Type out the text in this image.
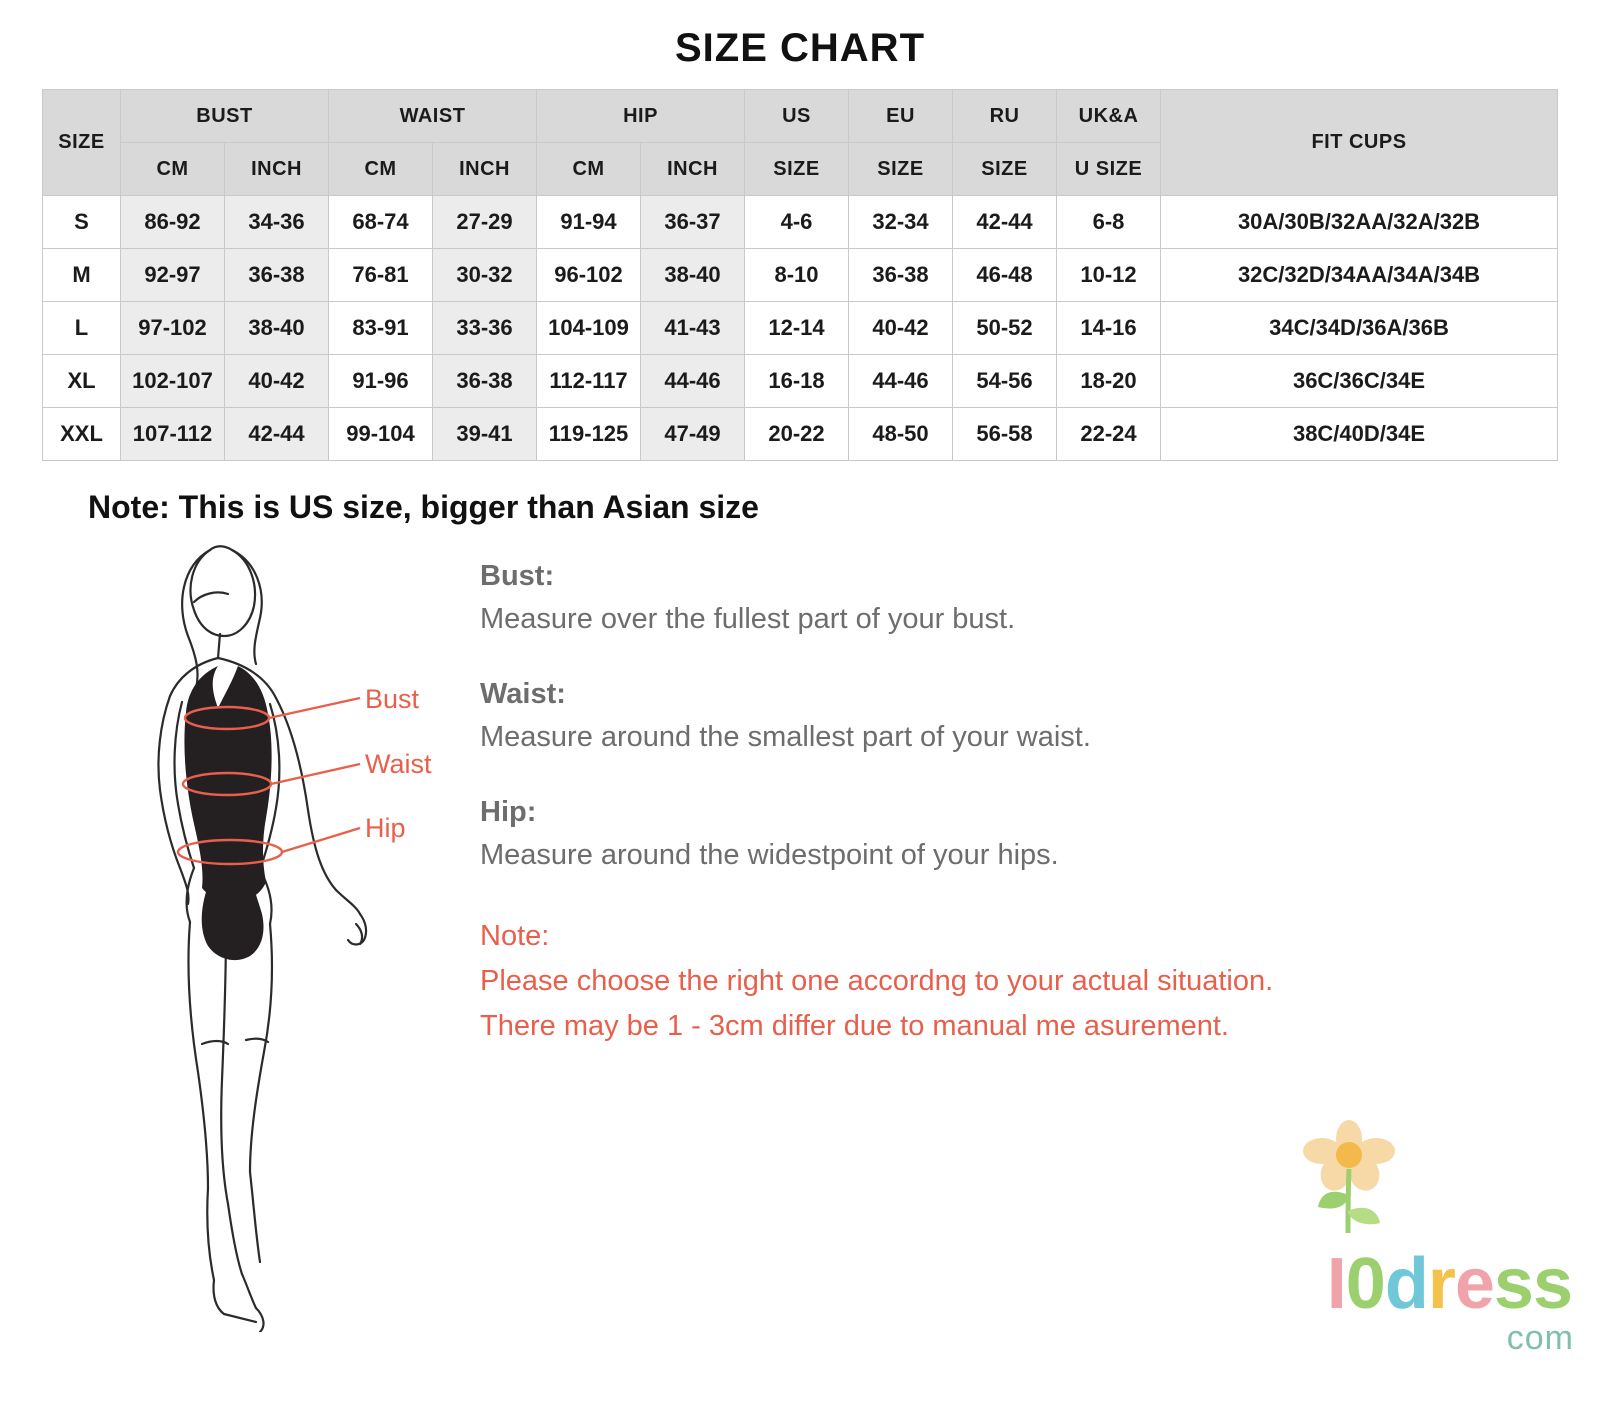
SIZE CHART
SIZE	BUST		WAIST		HIP		US	EU	RU	UK&A	FIT CUPS
	CM	INCH	CM	INCH	CM	INCH	SIZE	SIZE	SIZE	U SIZE	
S	86-92	34-36	68-74	27-29	91-94	36-37	4-6	32-34	42-44	6-8	30A/30B/32AA/32A/32B
M	92-97	36-38	76-81	30-32	96-102	38-40	8-10	36-38	46-48	10-12	32C/32D/34AA/34A/34B
L	97-102	38-40	83-91	33-36	104-109	41-43	12-14	40-42	50-52	14-16	34C/34D/36A/36B
XL	102-107	40-42	91-96	36-38	112-117	44-46	16-18	44-46	54-56	18-20	36C/36C/34E
XXL	107-112	42-44	99-104	39-41	119-125	47-49	20-22	48-50	56-58	22-24	38C/40D/34E
Note: This is US size, bigger than Asian size
Bust
Waist
Hip
Bust:
Measure over the fullest part of your bust.
Waist:
Measure around the smallest part of your waist.
Hip:
Measure around the widestpoint of your hips.
Note:
Please choose the right one accordng to your actual situation.
There may be 1 - 3cm differ due to manual me asurement.
I0dress
com
